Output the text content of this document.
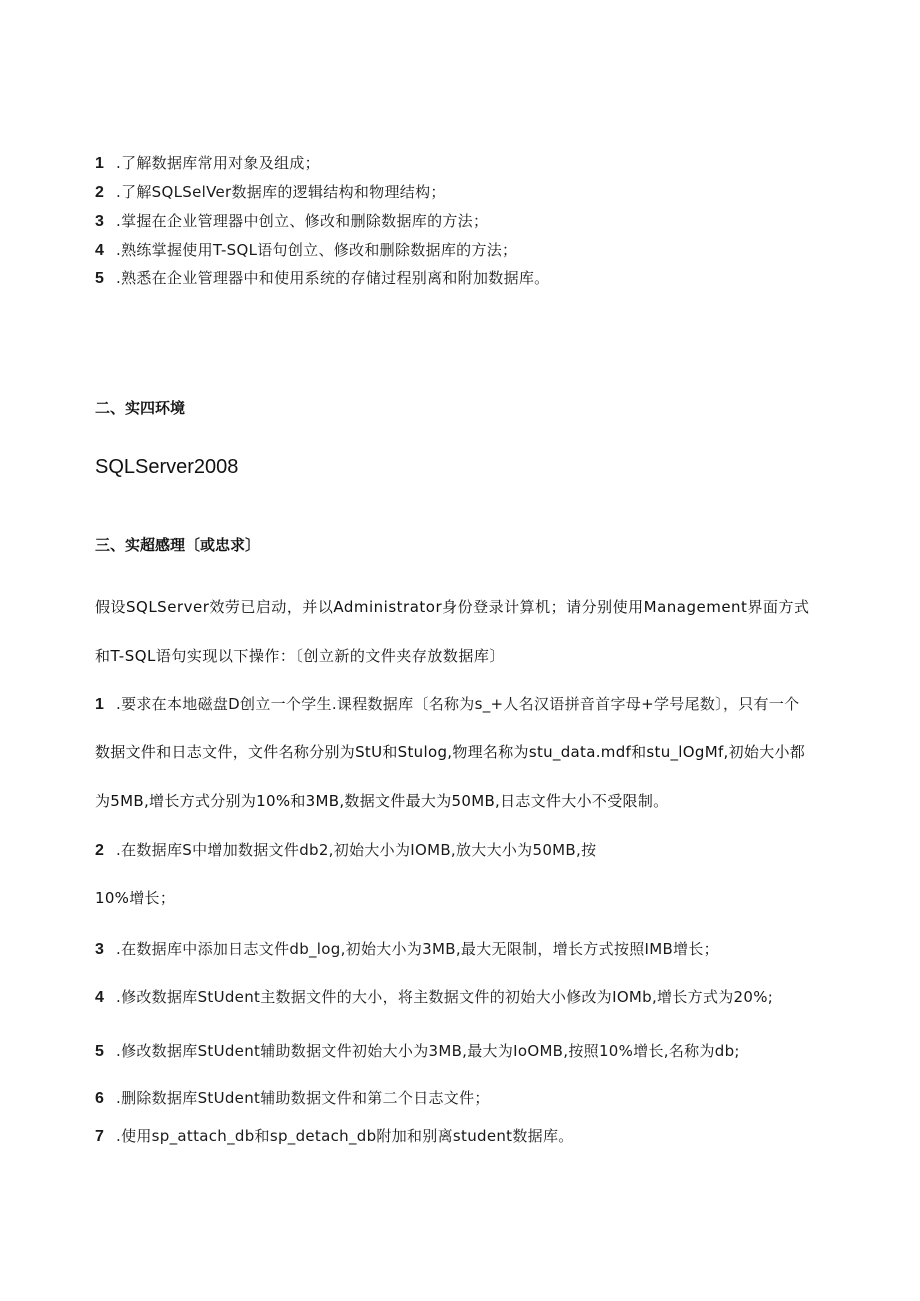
1 .了解数据库常用对象及组成；
2 .了解SQLSelVer数据库的逻辑结构和物理结构；
3 .掌握在企业管理器中创立、修改和删除数据库的方法；
4 .熟练掌握使用T-SQL语句创立、修改和删除数据库的方法；
5 .熟悉在企业管理器中和使用系统的存储过程别离和附加数据库。
二、实四环境
SQLServer2008
三、实超感理〔或忠求〕
假设SQLServer效劳已启动，并以Administrator身份登录计算机；请分别使用Management界面方式
和T-SQL语句实现以下操作：〔创立新的文件夹存放数据库〕
1 .要求在本地磁盘D创立一个学生.课程数据库〔名称为s_+人名汉语拼音首字母+学号尾数〕，只有一个
数据文件和日志文件，文件名称分别为StU和Stulog,物理名称为stu_data.mdf和stu_lOgMf,初始大小都
为5MB,增长方式分别为10%和3MB,数据文件最大为50MB,日志文件大小不受限制。
2 .在数据库S中增加数据文件db2,初始大小为IOMB,放大大小为50MB,按
10%增长；
3 .在数据库中添加日志文件db_log,初始大小为3MB,最大无限制，增长方式按照IMB增长；
4 .修改数据库StUdent主数据文件的大小，将主数据文件的初始大小修改为IOMb,增长方式为20%;
5 .修改数据库StUdent辅助数据文件初始大小为3MB,最大为IoOMB,按照10%增长,名称为db;
6 .删除数据库StUdent辅助数据文件和第二个日志文件；
7 .使用sp_attach_db和sp_detach_db附加和别离student数据库。
